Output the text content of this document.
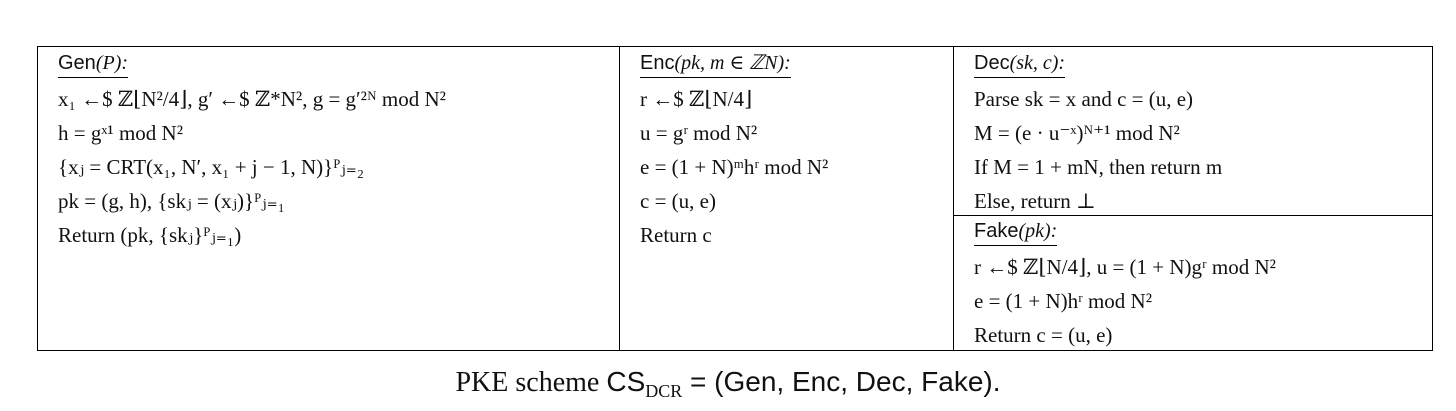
Gen(P):
x₁ ←$ ℤ⌊N²/4⌋, g′ ←$ ℤ*N², g = g′²ᴺ mod N²
h = gˣ¹ mod N²
{xⱼ = CRT(x₁, N′, x₁ + j − 1, N)}ᴾⱼ₌₂
pk = (g, h), {skⱼ = (xⱼ)}ᴾⱼ₌₁
Return (pk, {skⱼ}ᴾⱼ₌₁)
Enc(pk, m ∈ ℤN):
r ←$ ℤ⌊N/4⌋
u = gʳ mod N²
e = (1 + N)ᵐhʳ mod N²
c = (u, e)
Return c
Dec(sk, c):
Parse sk = x and c = (u, e)
M = (e · u⁻ˣ)ᴺ⁺¹ mod N²
If M = 1 + mN, then return m
Else, return ⊥
Fake(pk):
r ←$ ℤ⌊N/4⌋, u = (1 + N)gʳ mod N²
e = (1 + N)hʳ mod N²
Return c = (u, e)
PKE scheme $CS_{DCR} = (Gen$, Enc, Dec, Fake).
